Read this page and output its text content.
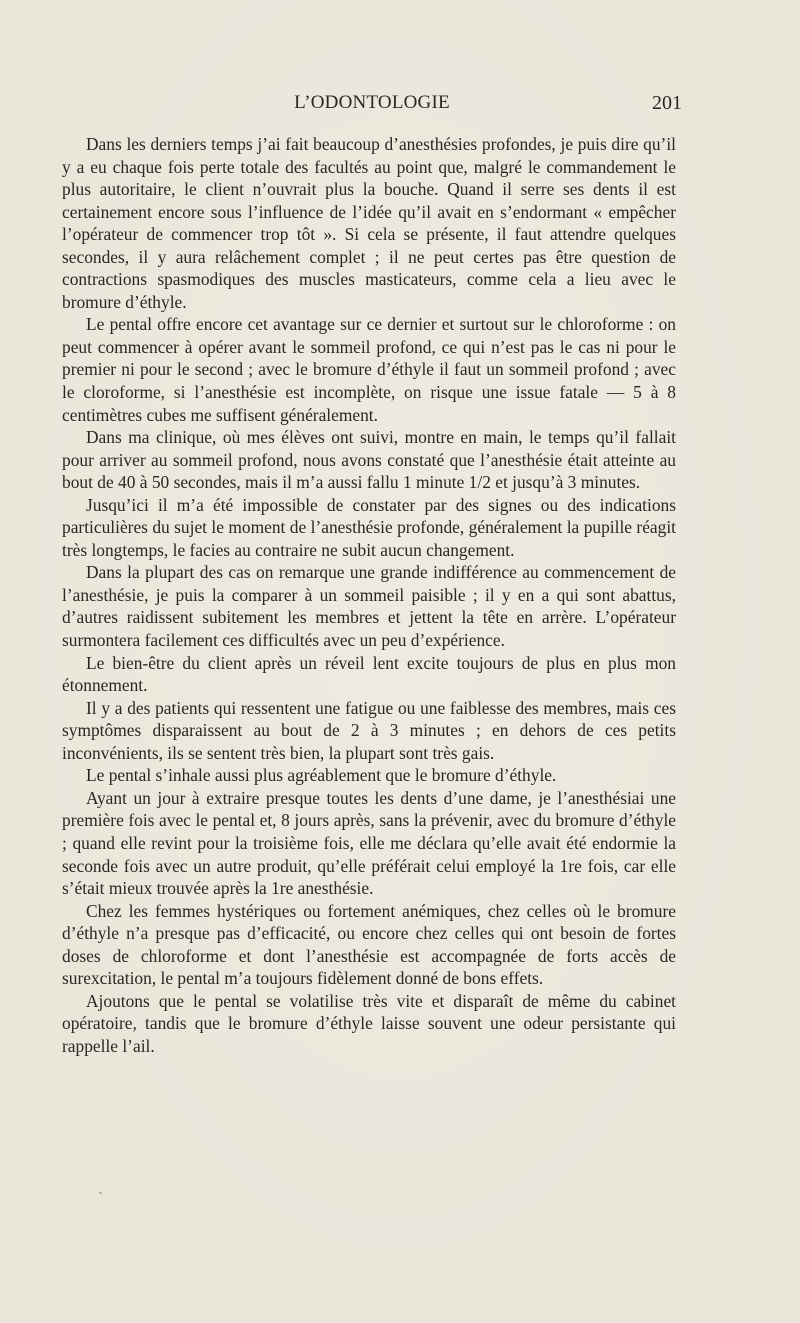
L’ODONTOLOGIE	201

Dans les derniers temps j’ai fait beaucoup d’anesthésies profondes, je puis dire qu’il y a eu chaque fois perte totale des facultés au point que, malgré le commandement le plus autoritaire, le client n’ouvrait plus la bouche. Quand il serre ses dents il est certainement encore sous l’influence de l’idée qu’il avait en s’endormant « empêcher l’opérateur de commencer trop tôt ». Si cela se présente, il faut attendre quelques secondes, il y aura relâchement complet ; il ne peut certes pas être question de contractions spasmodiques des muscles masticateurs, comme cela a lieu avec le bromure d’éthyle.

Le pental offre encore cet avantage sur ce dernier et surtout sur le chloroforme : on peut commencer à opérer avant le sommeil profond, ce qui n’est pas le cas ni pour le premier ni pour le second ; avec le bromure d’éthyle il faut un sommeil profond ; avec le cloroforme, si l’anesthésie est incomplète, on risque une issue fatale — 5 à 8 centimètres cubes me suffisent généralement.

Dans ma clinique, où mes élèves ont suivi, montre en main, le temps qu’il fallait pour arriver au sommeil profond, nous avons constaté que l’anesthésie était atteinte au bout de 40 à 50 secondes, mais il m’a aussi fallu 1 minute 1/2 et jusqu’à 3 minutes.

Jusqu’ici il m’a été impossible de constater par des signes ou des indications particulières du sujet le moment de l’anesthésie profonde, généralement la pupille réagit très longtemps, le facies au contraire ne subit aucun changement.

Dans la plupart des cas on remarque une grande indifférence au commencement de l’anesthésie, je puis la comparer à un sommeil paisible ; il y en a qui sont abattus, d’autres raidissent subitement les membres et jettent la tête en arrère. L’opérateur surmontera facilement ces difficultés avec un peu d’expérience.

Le bien-être du client après un réveil lent excite toujours de plus en plus mon étonnement.

Il y a des patients qui ressentent une fatigue ou une faiblesse des membres, mais ces symptômes disparaissent au bout de 2 à 3 minutes ; en dehors de ces petits inconvénients, ils se sentent très bien, la plupart sont très gais.

Le pental s’inhale aussi plus agréablement que le bromure d’éthyle.

Ayant un jour à extraire presque toutes les dents d’une dame, je l’anesthésiai une première fois avec le pental et, 8 jours après, sans la prévenir, avec du bromure d’éthyle ; quand elle revint pour la troisième fois, elle me déclara qu’elle avait été endormie la seconde fois avec un autre produit, qu’elle préférait celui employé la 1re fois, car elle s’était mieux trouvée après la 1re anesthésie.

Chez les femmes hystériques ou fortement anémiques, chez celles où le bromure d’éthyle n’a presque pas d’efficacité, ou encore chez celles qui ont besoin de fortes doses de chloroforme et dont l’anesthésie est accompagnée de forts accès de surexcitation, le pental m’a toujours fidèlement donné de bons effets.

Ajoutons que le pental se volatilise très vite et disparaît de même du cabinet opératoire, tandis que le bromure d’éthyle laisse souvent une odeur persistante qui rappelle l’ail.
